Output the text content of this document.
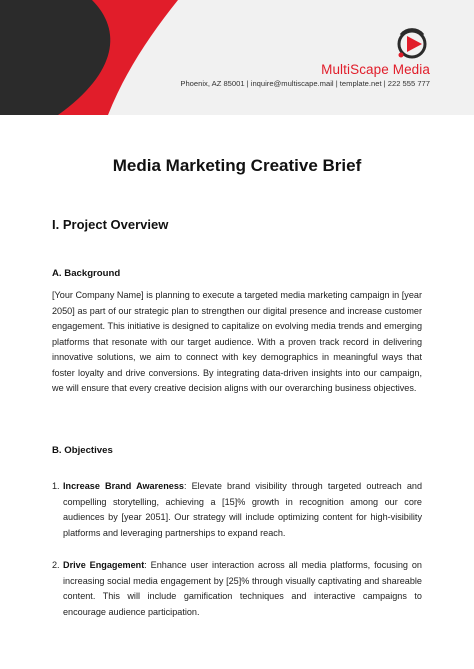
MultiScape Media
Phoenix, AZ 85001 | inquire@multiscape.mail | template.net | 222 555 777
Media Marketing Creative Brief
I. Project Overview
A. Background

[Your Company Name] is planning to execute a targeted media marketing campaign in [year 2050] as part of our strategic plan to strengthen our digital presence and increase customer engagement. This initiative is designed to capitalize on evolving media trends and emerging platforms that resonate with our target audience. With a proven track record in delivering innovative solutions, we aim to connect with key demographics in meaningful ways that foster loyalty and drive conversions. By integrating data-driven insights into our campaign, we will ensure that every creative decision aligns with our overarching business objectives.

B. Objectives
1. Increase Brand Awareness: Elevate brand visibility through targeted outreach and compelling storytelling, achieving a [15]% growth in recognition among our core audiences by [year 2051]. Our strategy will include optimizing content for high-visibility platforms and leveraging partnerships to expand reach.
2. Drive Engagement: Enhance user interaction across all media platforms, focusing on increasing social media engagement by [25]% through visually captivating and shareable content. This will include gamification techniques and interactive campaigns to encourage audience participation.
